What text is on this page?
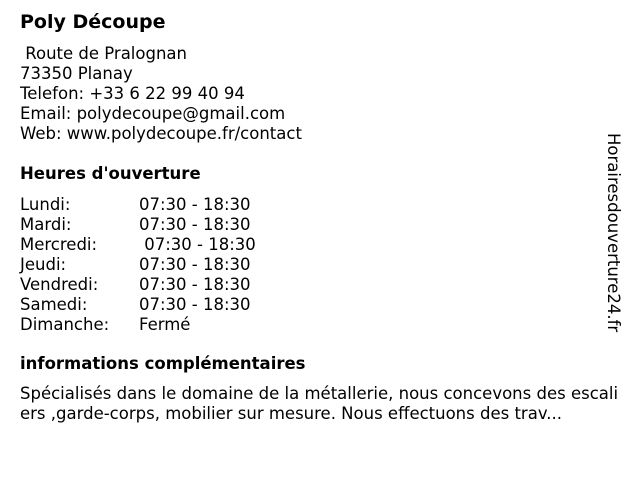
Poly Découpe
Route de Pralognan
73350 Planay
Telefon: +33 6 22 99 40 94
Email: polydecoupe@gmail.com
Web: www.polydecoupe.fr/contact
Heures d'ouverture
Lundi:	07:30 - 18:30
Mardi:	07:30 - 18:30
Mercredi:	07:30 - 18:30
Jeudi:	07:30 - 18:30
Vendredi: 07:30 - 18:30
Samedi:	07:30 - 18:30
Dimanche: Fermé
informations complémentaires
Spécialisés dans le domaine de la métallerie, nous concevons des escaliers ,garde-corps, mobilier sur mesure. Nous effectuons des trav...
Horairesdouverture24.fr
